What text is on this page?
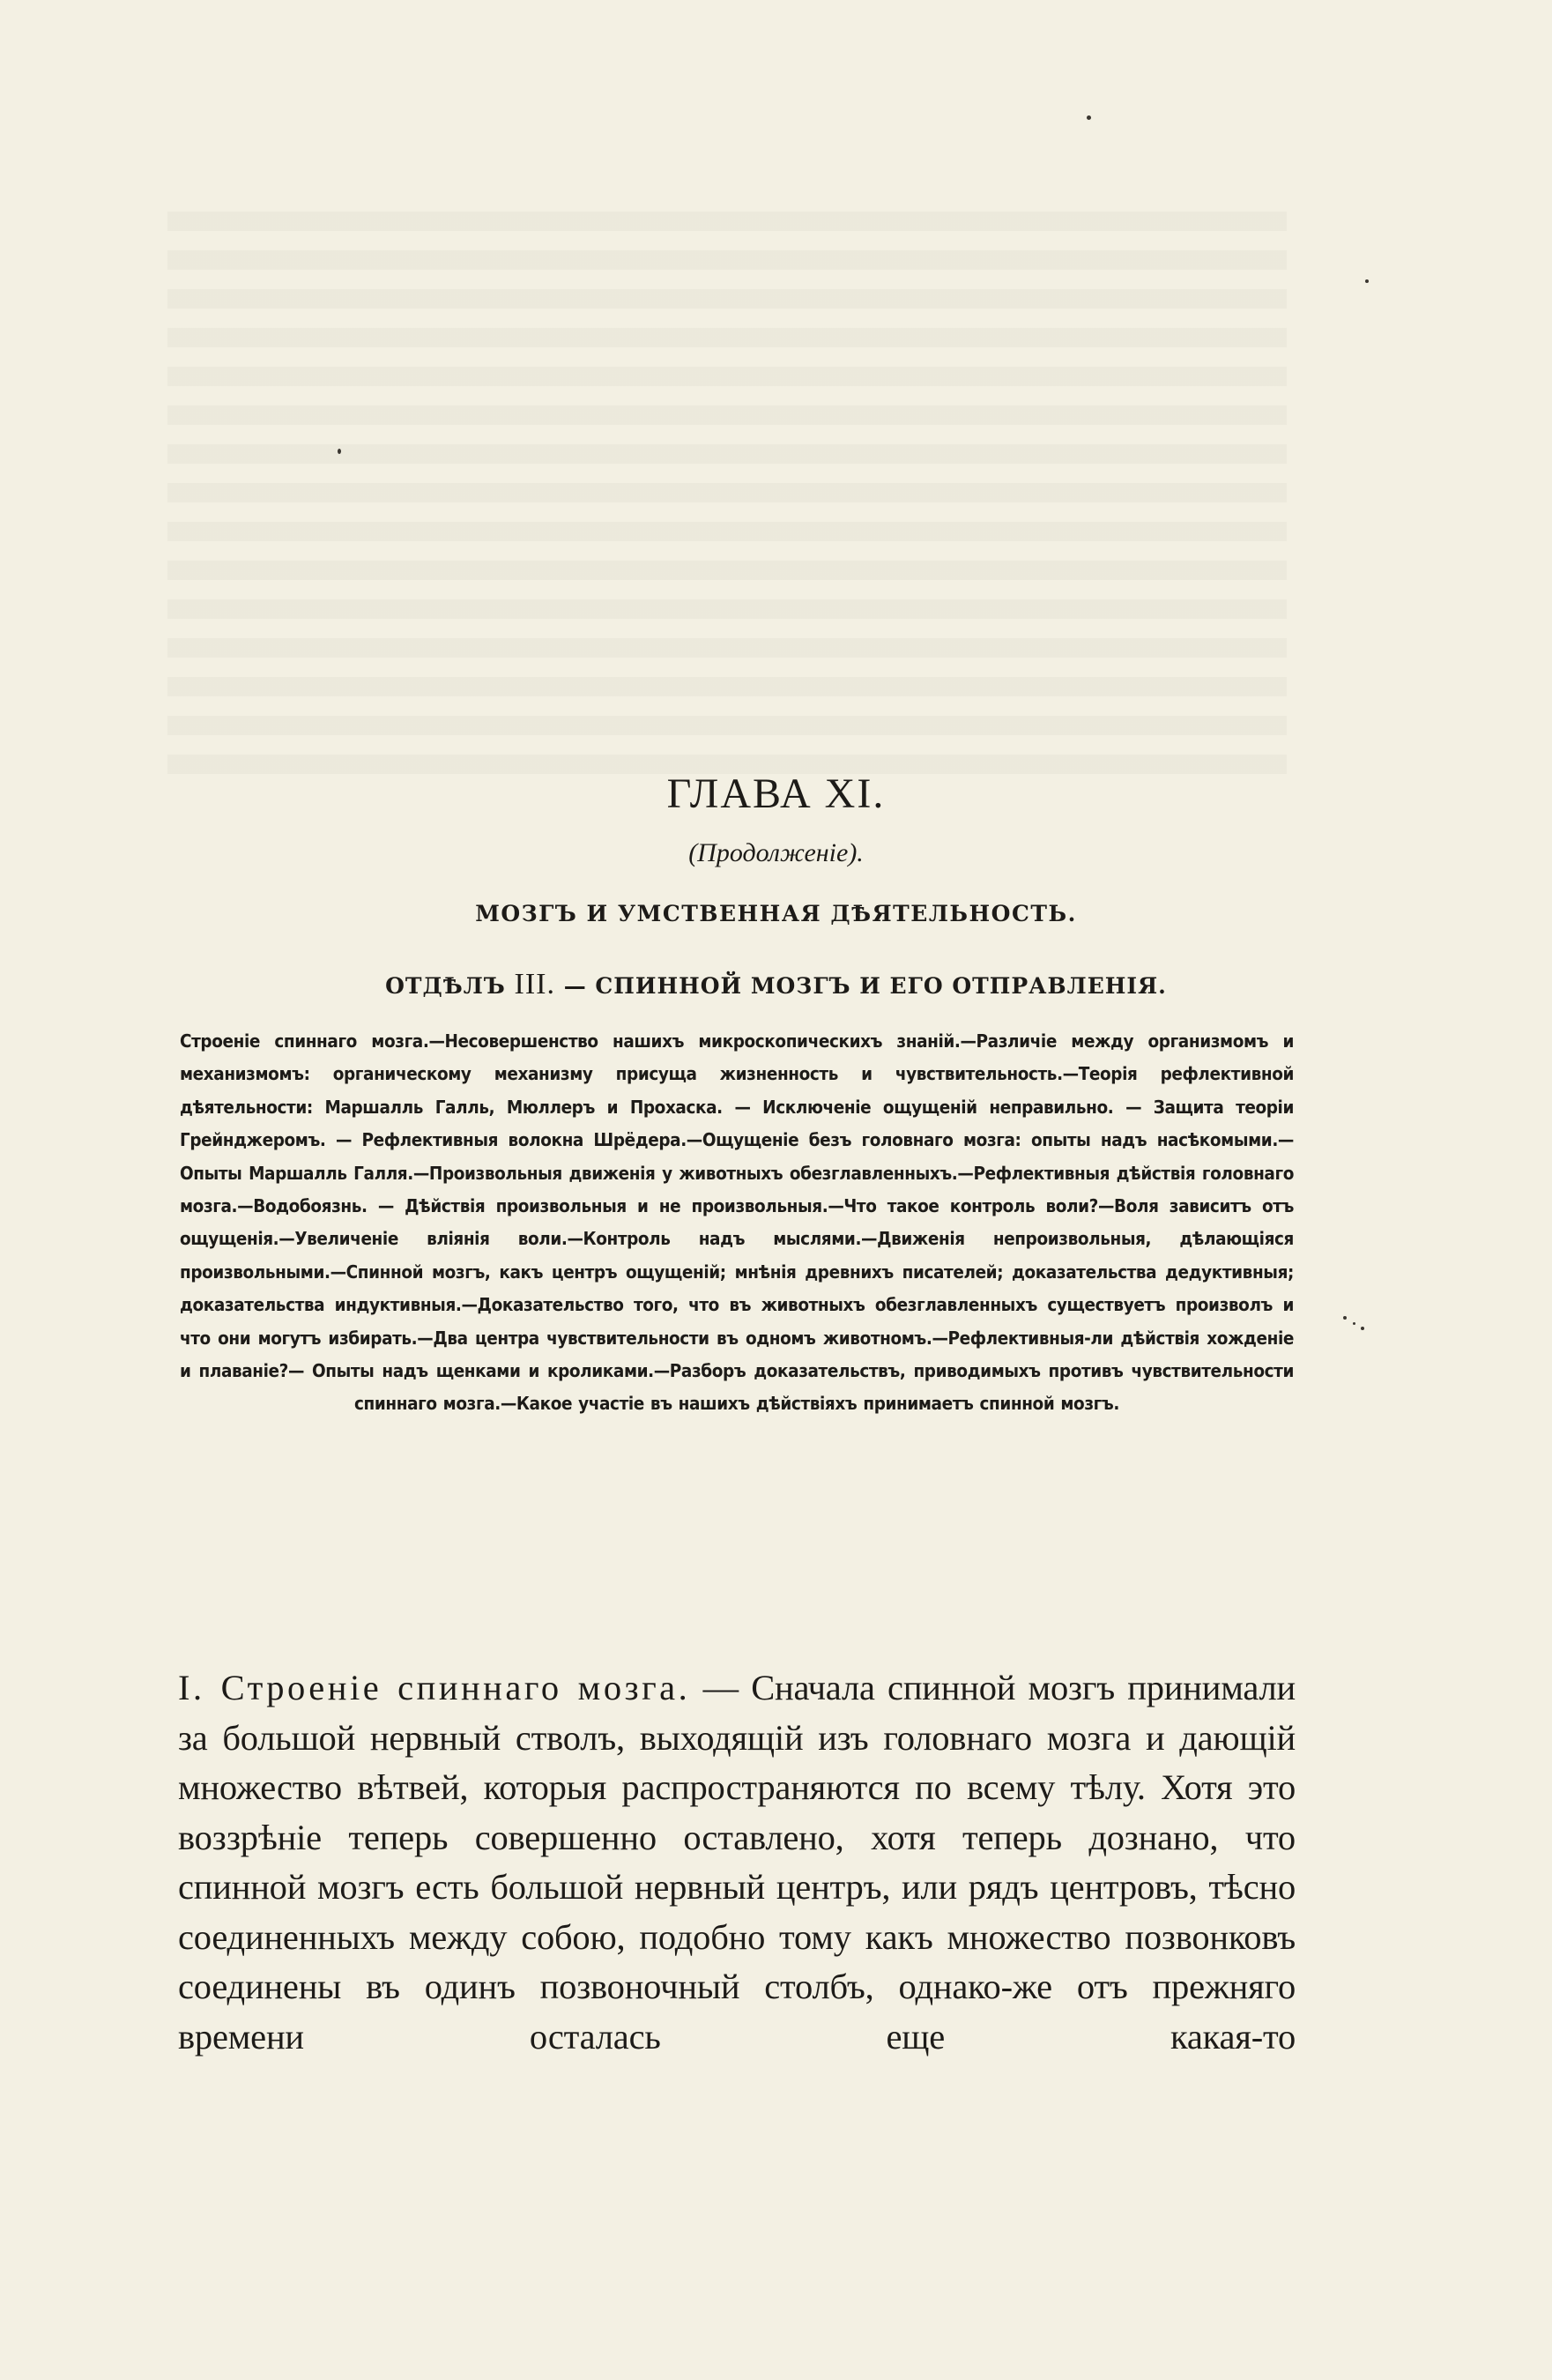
ГЛАВА XI.
(Продолженіе).
МОЗГЪ И УМСТВЕННАЯ ДѢЯТЕЛЬНОСТЬ.
ОТДѢЛЪ III. — СПИННОЙ МОЗГЪ И ЕГО ОТПРАВЛЕНІЯ.

Строеніе спиннаго мозга.—Несовершенство нашихъ микроскопическихъ знаній.—Различіе между организмомъ и механизмомъ: органическому механизму присуща жизненность и чувствительность.—Теорія рефлективной дѣятельности: Маршалль Галль, Мюллеръ и Прохаска. — Исключеніе ощущеній неправильно. — Защита теоріи Грейнджеромъ. — Рефлективныя волокна Шрёдера.—Ощущеніе безъ головнаго мозга: опыты надъ насѣкомыми.—Опыты Маршалль Галля.—Произвольныя движенія у животныхъ обезглавленныхъ.—Рефлективныя дѣйствія головнаго мозга.—Водобоязнь. — Дѣйствія произвольныя и не произвольныя.—Что такое контроль воли?—Воля зависитъ отъ ощущенія.—Увеличеніе вліянія воли.—Контроль надъ мыслями.—Движенія непроизвольныя, дѣлающіяся произвольными.—Спинной мозгъ, какъ центръ ощущеній; мнѣнія древнихъ писателей; доказательства дедуктивныя; доказательства индуктивныя.—Доказательство того, что въ животныхъ обезглавленныхъ существуетъ произволъ и что они могутъ избирать.—Два центра чувствительности въ одномъ животномъ.—Рефлективныя-ли дѣйствія хожденіе и плаваніе?— Опыты надъ щенками и кроликами.—Разборъ доказательствъ, приводимыхъ противъ чувствительности спиннаго мозга.—Какое участіе въ нашихъ дѣйствіяхъ принимаетъ спинной мозгъ.

I. Строеніе спиннаго мозга. — Сначала спинной мозгъ принимали за большой нервный стволъ, выходящій изъ головнаго мозга и дающій множество вѣтвей, которыя распространяются по всему тѣлу. Хотя это воззрѣніе теперь совершенно оставлено, хотя теперь дознано, что спинной мозгъ есть большой нервный центръ, или рядъ центровъ, тѣсно соединенныхъ между собою, подобно тому какъ множество позвонковъ соединены въ одинъ позвоночный столбъ, однако-же отъ прежняго времени осталась еще какая-то
